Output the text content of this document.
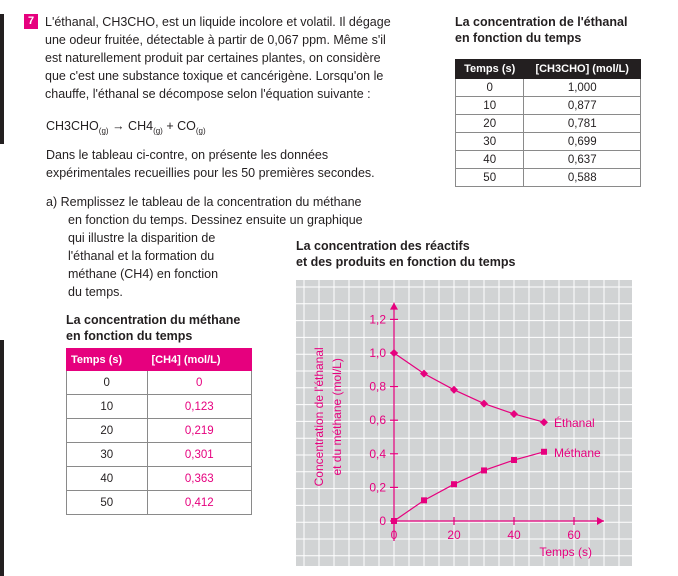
7 L'éthanal, CH3CHO, est un liquide incolore et volatil. Il dégage
une odeur fruitée, détectable à partir de 0,067 ppm. Même s'il
est naturellement produit par certaines plantes, on considère
que c'est une substance toxique et cancérigène. Lorsqu'on le
chauffe, l'éthanal se décompose selon l'équation suivante :
$CH3CHO_{(g)} \to CH4_{(g)} + CO_{(g)}$
Dans le tableau ci-contre, on présente les données
expérimentales recueillies pour les 50 premières secondes.
a) Remplissez le tableau de la concentration du méthane
en fonction du temps. Dessinez ensuite un graphique
qui illustre la disparition de
l'éthanal et la formation du
méthane (CH4) en fonction
du temps.
La concentration de l'éthanal
en fonction du temps
Temps (s)	[CH3CHO] (mol/L)
0	1,000
10	0,877
20	0,781
30	0,699
40	0,637
50	0,588
La concentration du méthane
en fonction du temps
Temps (s)	[CH4] (mol/L)
0	0
10	0,123
20	0,219
30	0,301
40	0,363
50	0,412
La concentration des réactifs
et des produits en fonction du temps
0
0,2
0,4
0,6
0,8
1,0
1,2
0	20	40	60
Temps (s)
Concentration de l'éthanal et du méthane (mol/L)	Éthanal
Méthane
